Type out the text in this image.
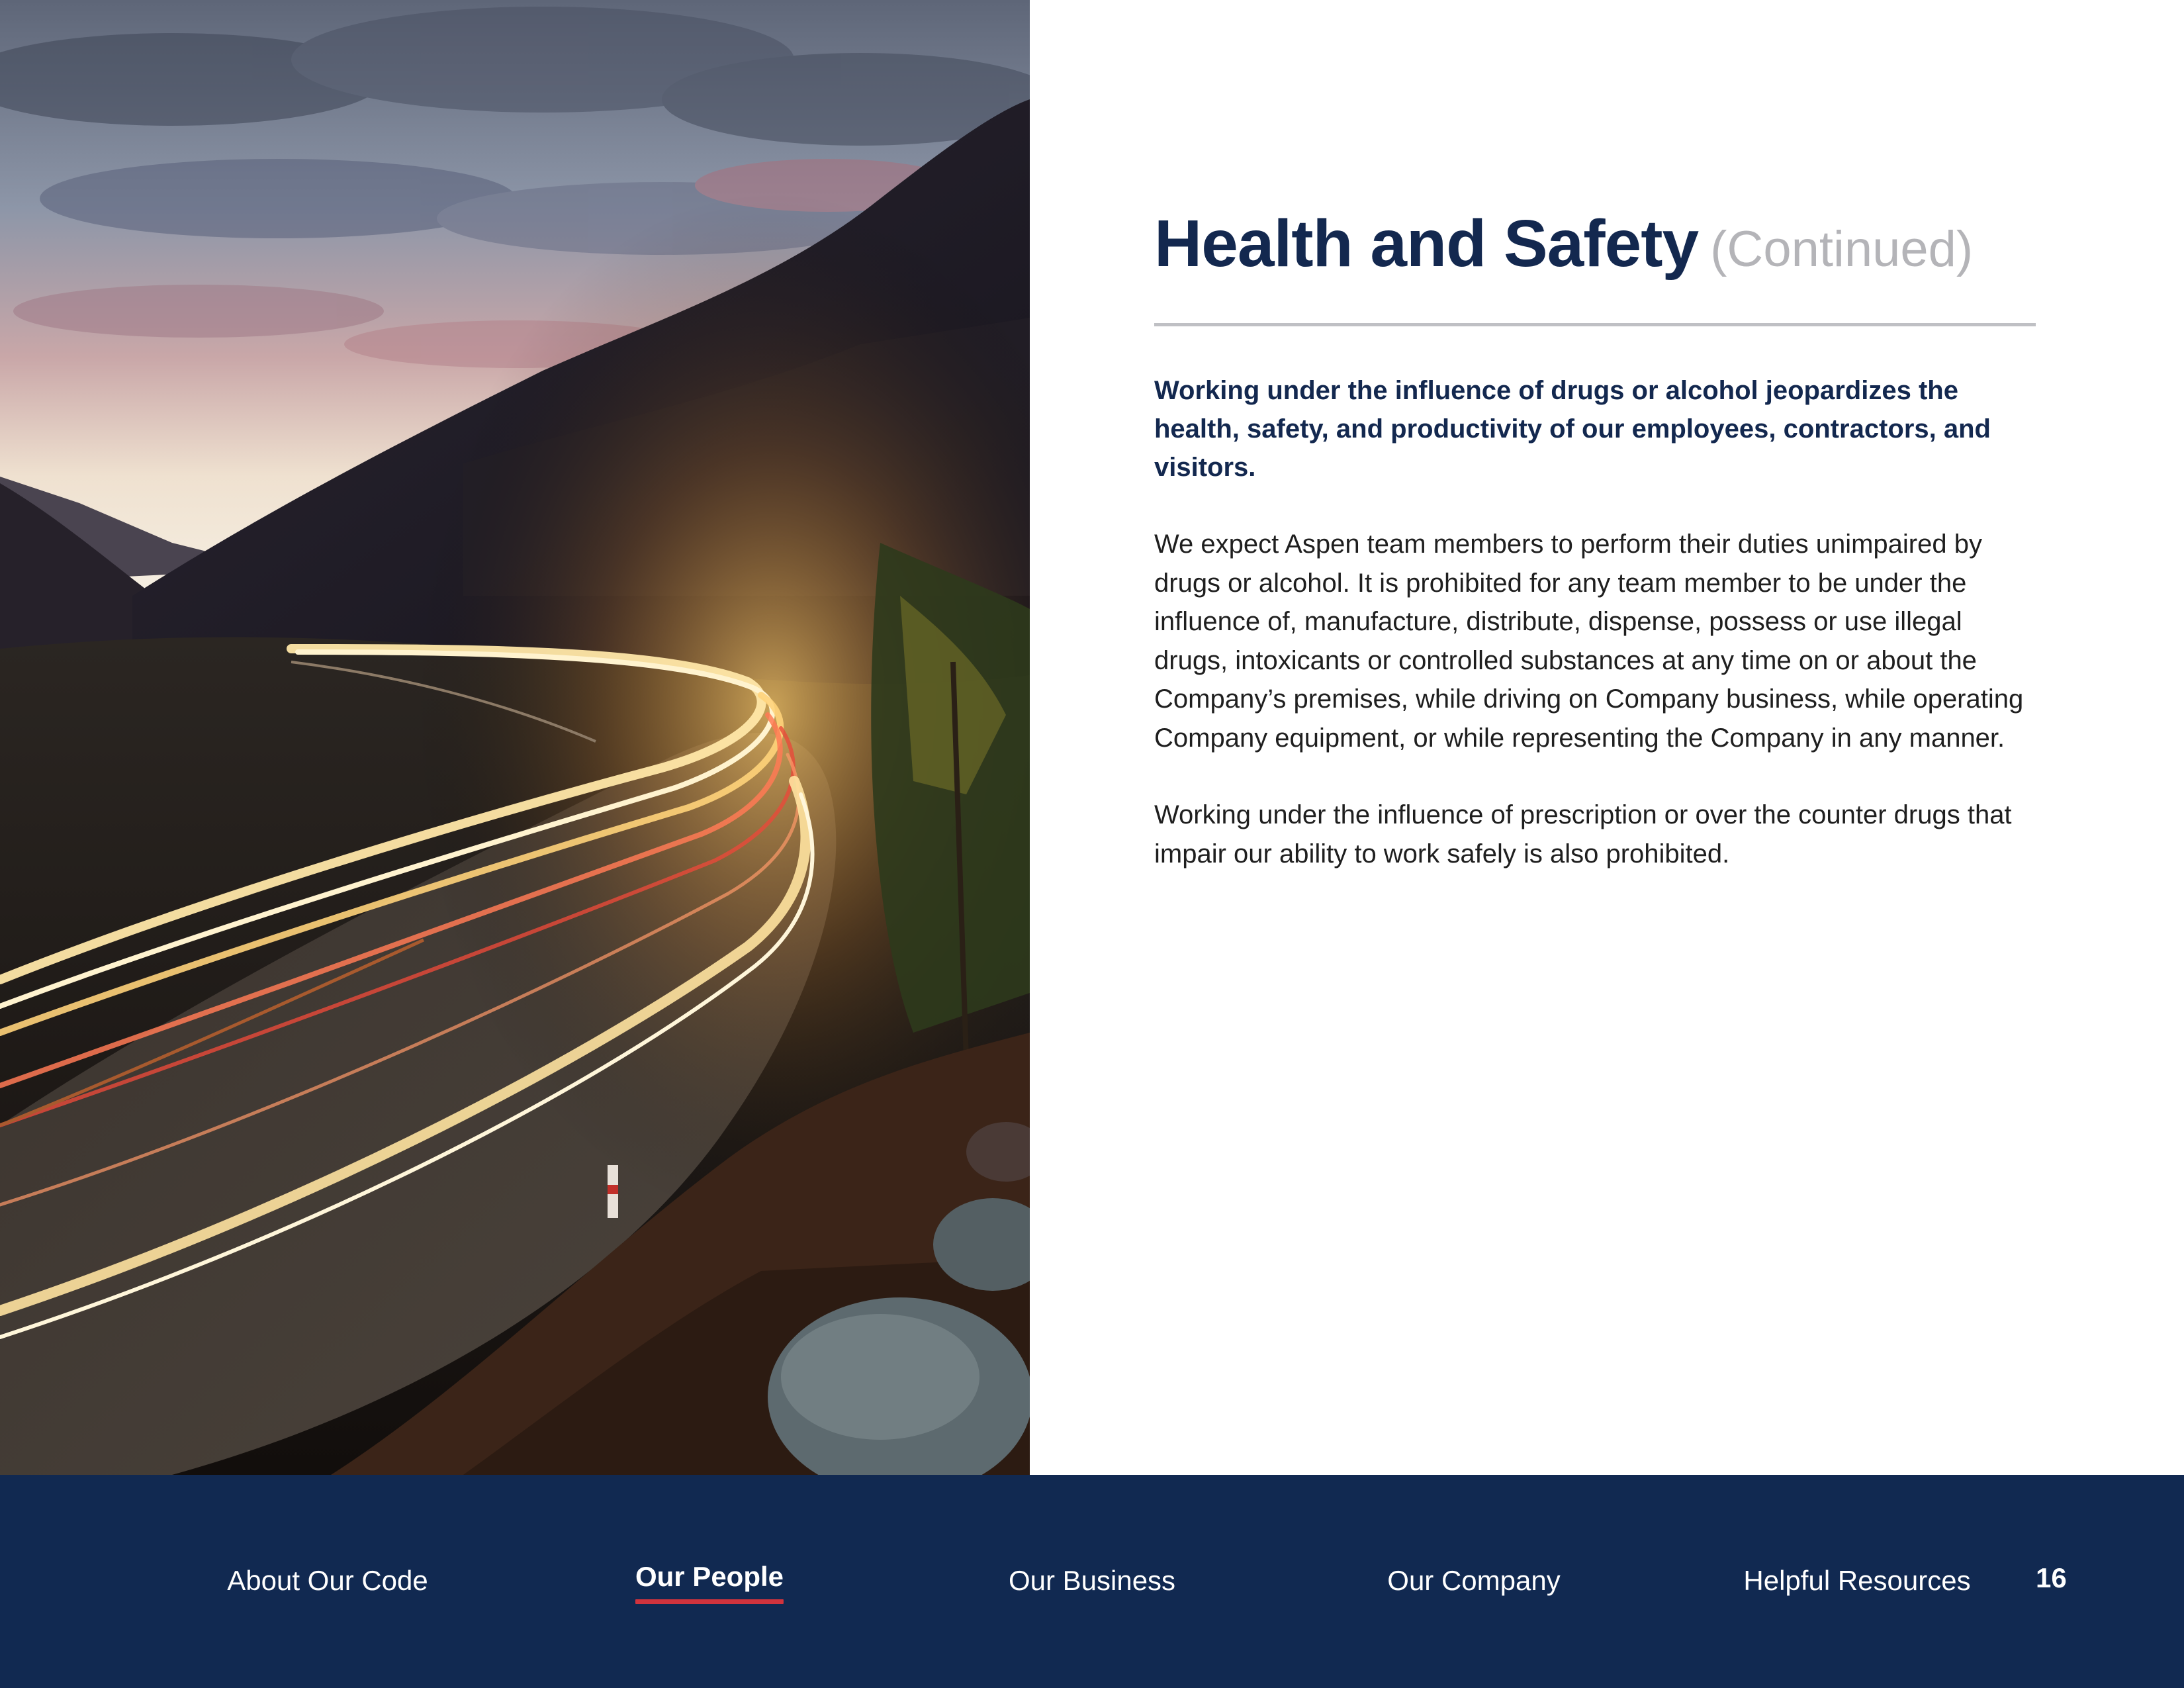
Health and Safety (Continued)

Working under the influence of drugs or alcohol jeopardizes the health, safety, and productivity of our employees, contractors, and visitors.

We expect Aspen team members to perform their duties unimpaired by drugs or alcohol. It is prohibited for any team member to be under the influence of, manufacture, distribute, dispense, possess or use illegal drugs, intoxicants or controlled substances at any time on or about the Company’s premises, while driving on Company business, while operating Company equipment, or while representing the Company in any manner.

Working under the influence of prescription or over the counter drugs that impair our ability to work safely is also prohibited.

About Our Code	Our People	Our Business	Our Company	Helpful Resources 16
